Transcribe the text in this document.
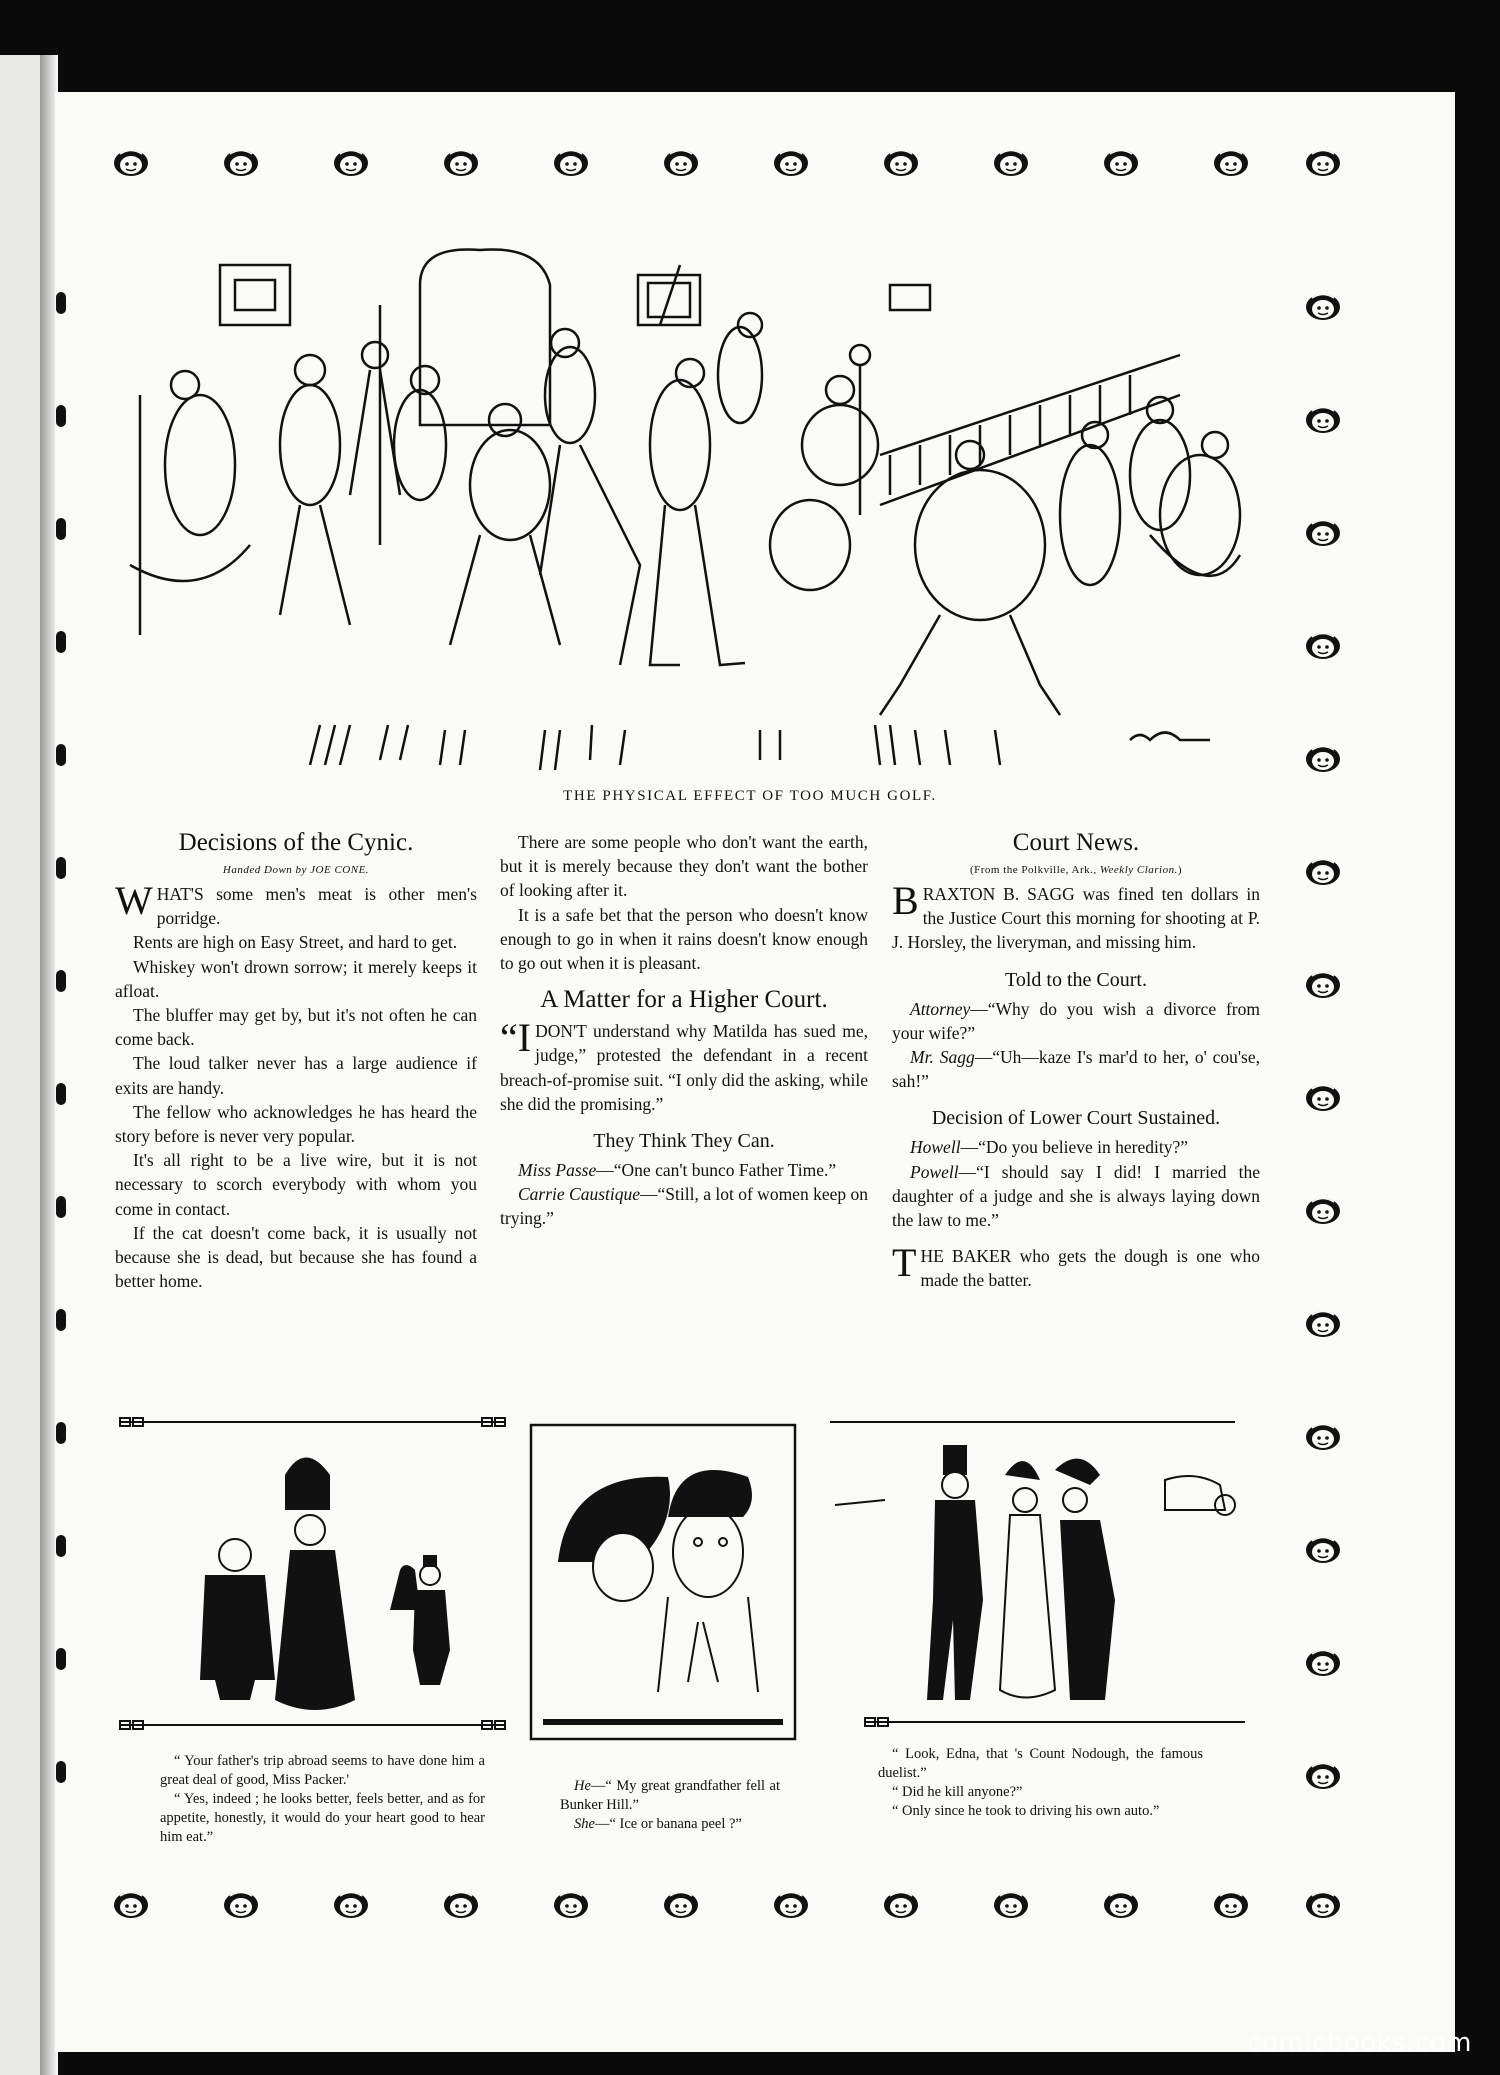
THE PHYSICAL EFFECT OF TOO MUCH GOLF.
Decisions of the Cynic.
Handed Down by JOE CONE.

WHAT'S some men's meat is other men's porridge.

Rents are high on Easy Street, and hard to get.

Whiskey won't drown sorrow; it merely keeps it afloat.

The bluffer may get by, but it's not often he can come back.

The loud talker never has a large audience if exits are handy.

The fellow who acknowledges he has heard the story before is never very popular.

It's all right to be a live wire, but it is not necessary to scorch everybody with whom you come in contact.

If the cat doesn't come back, it is usually not because she is dead, but because she has found a better home.

There are some people who don't want the earth, but it is merely because they don't want the bother of looking after it.

It is a safe bet that the person who doesn't know enough to go in when it rains doesn't know enough to go out when it is pleasant.

A Matter for a Higher Court.

“I DON'T understand why Matilda has sued me, judge,” protested the defendant in a recent breach-of-promise suit. “I only did the asking, while she did the promising.”

They Think They Can.

Miss Passe—“One can't bunco Father Time.”

Carrie Caustique—“Still, a lot of women keep on trying.”

Court News.
(From the Polkville, Ark., Weekly Clarion.)

BRAXTON B. SAGG was fined ten dollars in the Justice Court this morning for shooting at P. J. Horsley, the liveryman, and missing him.

Told to the Court.

Attorney—“Why do you wish a divorce from your wife?”

Mr. Sagg—“Uh—kaze I's mar'd to her, o' cou'se, sah!”

Decision of Lower Court Sustained.

Howell—“Do you believe in heredity?”

Powell—“I should say I did! I married the daughter of a judge and she is always laying down the law to me.”

THE BAKER who gets the dough is one who made the batter.

“ Your father's trip abroad seems to have done him a great deal of good, Miss Packer.'

“ Yes, indeed ; he looks better, feels better, and as for appetite, honestly, it would do your heart good to hear him eat.”

He—“ My great grandfather fell at Bunker Hill.”

She—“ Ice or banana peel ?”

“ Look, Edna, that 's Count Nodough, the famous duelist.”

“ Did he kill anyone?”

“ Only since he took to driving his own auto.”

comicbooks.com
